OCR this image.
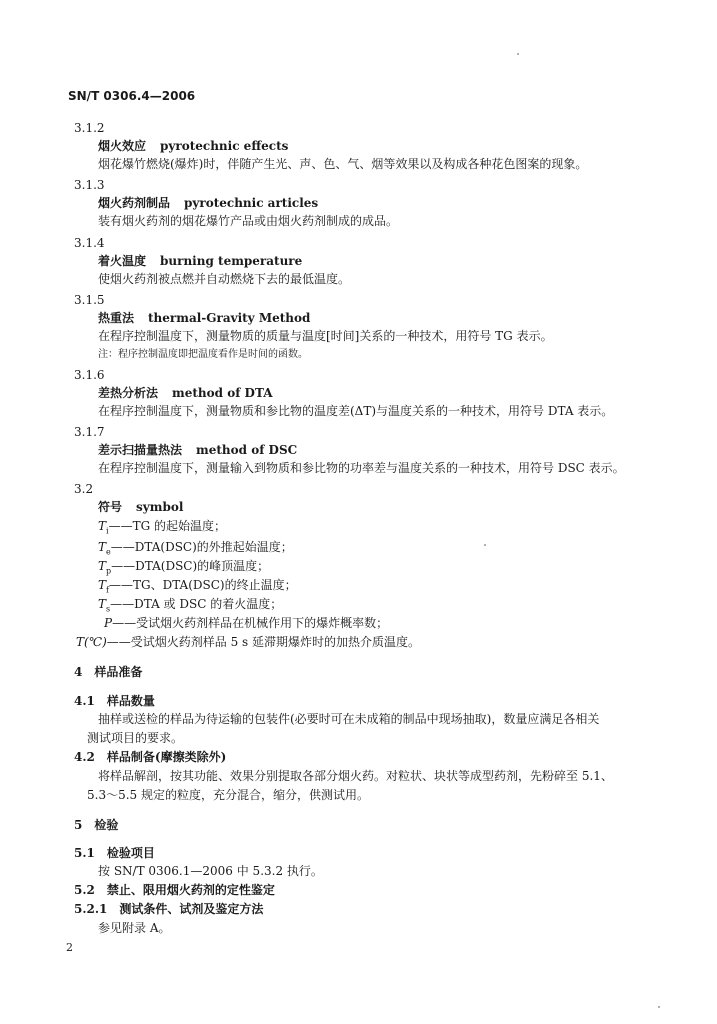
SN/T 0306.4—2006
3.1.2
烟火效应 pyrotechnic effects
烟花爆竹燃烧(爆炸)时，伴随产生光、声、色、气、烟等效果以及构成各种花色图案的现象。
3.1.3
烟火药剂制品 pyrotechnic articles
装有烟火药剂的烟花爆竹产品或由烟火药剂制成的成品。
3.1.4
着火温度 burning temperature
使烟火药剂被点燃并自动燃烧下去的最低温度。
3.1.5
热重法 thermal-Gravity Method
在程序控制温度下，测量物质的质量与温度[时间]关系的一种技术，用符号 TG 表示。
注：程序控制温度即把温度看作是时间的函数。
3.1.6
差热分析法 method of DTA
在程序控制温度下，测量物质和参比物的温度差(ΔT)与温度关系的一种技术，用符号 DTA 表示。
3.1.7
差示扫描量热法 method of DSC
在程序控制温度下，测量输入到物质和参比物的功率差与温度关系的一种技术，用符号 DSC 表示。
3.2
符号 symbol
$T_i——TG$ 的起始温度；
$T_e——DTA(DSC)$的外推起始温度；
$T_p——DTA(DSC)$的峰顶温度；
$T_f——TG$、DTA(DSC)的终止温度；
$T_s——DTA$ 或 DSC 的着火温度；
P——受试烟火药剂样品在机械作用下的爆炸概率数；
T(℃)——受试烟火药剂样品 5 s 延滞期爆炸时的加热介质温度。
4　样品准备
4.1　 样品数量
抽样或送检的样品为待运输的包装件(必要时可在未成箱的制品中现场抽取)，数量应满足各相关
测试项目的要求。
4.2　 样品制备(摩擦类除外)
将样品解剖，按其功能、效果分别提取各部分烟火药。对粒状、块状等成型药剂，先粉碎至 5.1、
5.3～5.5 规定的粒度，充分混合，缩分，供测试用。
5　检验
5.1　 检验项目
按 SN/T 0306.1—2006 中 5.3.2 执行。
5.2　 禁止、限用烟火药剂的定性鉴定
5.2.1　 测试条件、试剂及鉴定方法
参见附录 A。
2
